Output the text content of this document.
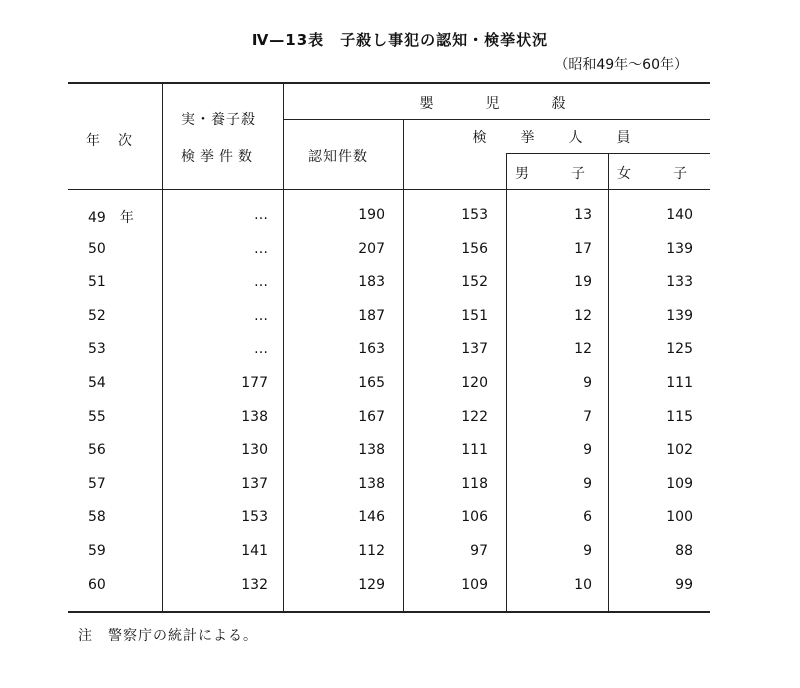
Ⅳ—13表　子殺し事犯の認知・検挙状況
（昭和49年～60年）
年　次
実・養子殺
検挙件数
嬰　　児　　殺
認知件数
検　挙　人　員
男　子	女　子
49　年	…	190	153	13	140
50	…	207	156	17	139
51	…	183	152	19	133
52	…	187	151	12	139
53	…	163	137	12	125
54	177	165	120	9	111
55	138	167	122	7	115
56	130	138	111	9	102
57	137	138	118	9	109
58	153	146	106	6	100
59	141	112	97	9	88
60	132	129	109	10	99
注　警察庁の統計による。
